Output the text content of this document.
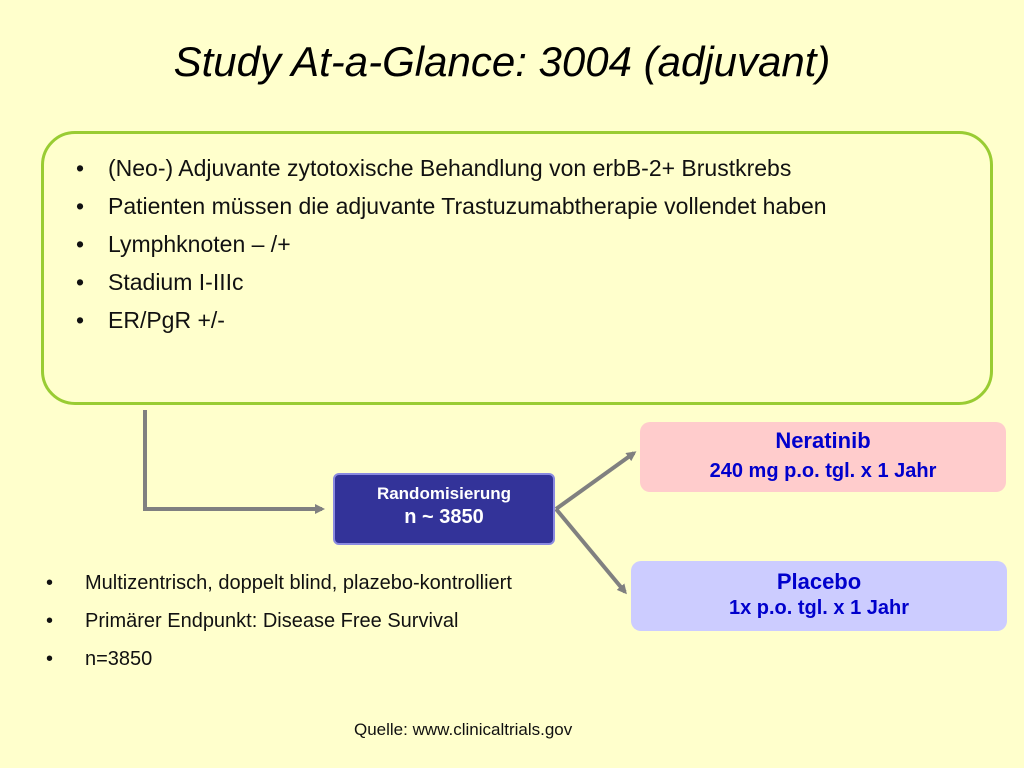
Study At-a-Glance: 3004 (adjuvant)
• (Neo-) Adjuvante zytotoxische Behandlung von erbB-2+ Brustkrebs
• Patienten müssen die adjuvante Trastuzumabtherapie vollendet haben
• Lymphknoten – /+
• Stadium I-IIIc
• ER/PgR +/-
Randomisierung
n ~ 3850
Neratinib
240 mg p.o. tgl. x 1 Jahr
Placebo
1x p.o. tgl. x 1 Jahr
• Multizentrisch, doppelt blind, plazebo-kontrolliert
• Primärer Endpunkt: Disease Free Survival
• n=3850
Quelle: www.clinicaltrials.gov
